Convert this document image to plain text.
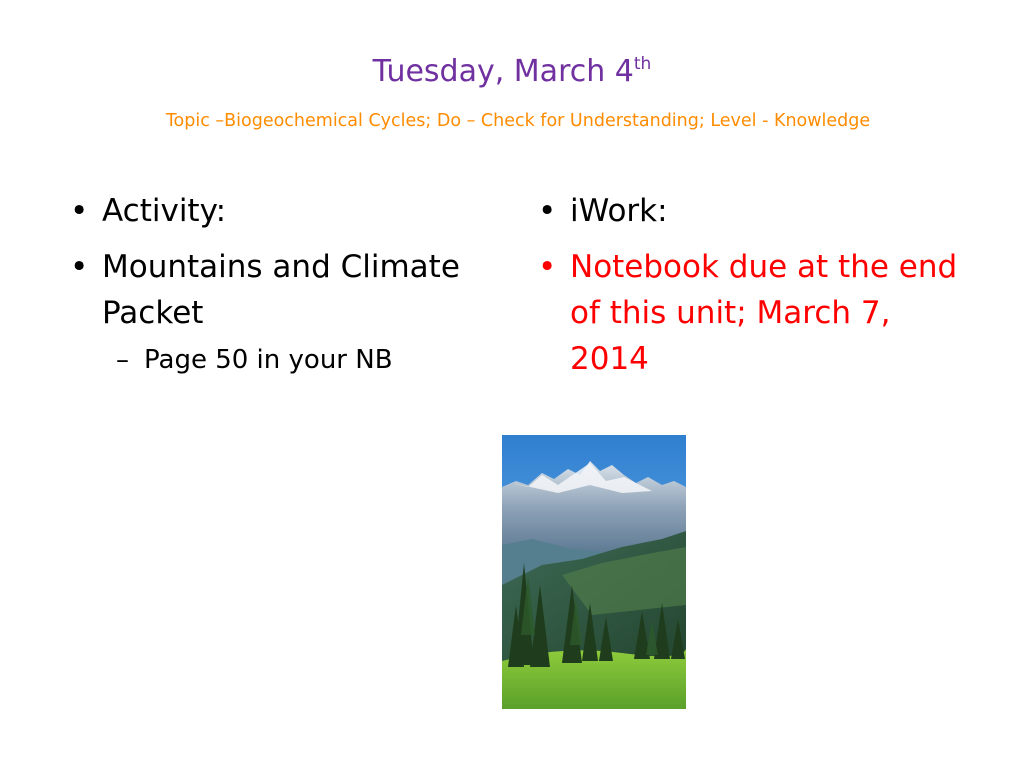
Tuesday, March 4th
Topic –Biogeochemical Cycles; Do – Check for Understanding; Level - Knowledge
• Activity:
• Mountains and Climate Packet
– Page 50 in your NB
• iWork:
• Notebook due at the end of this unit; March 7, 2014
